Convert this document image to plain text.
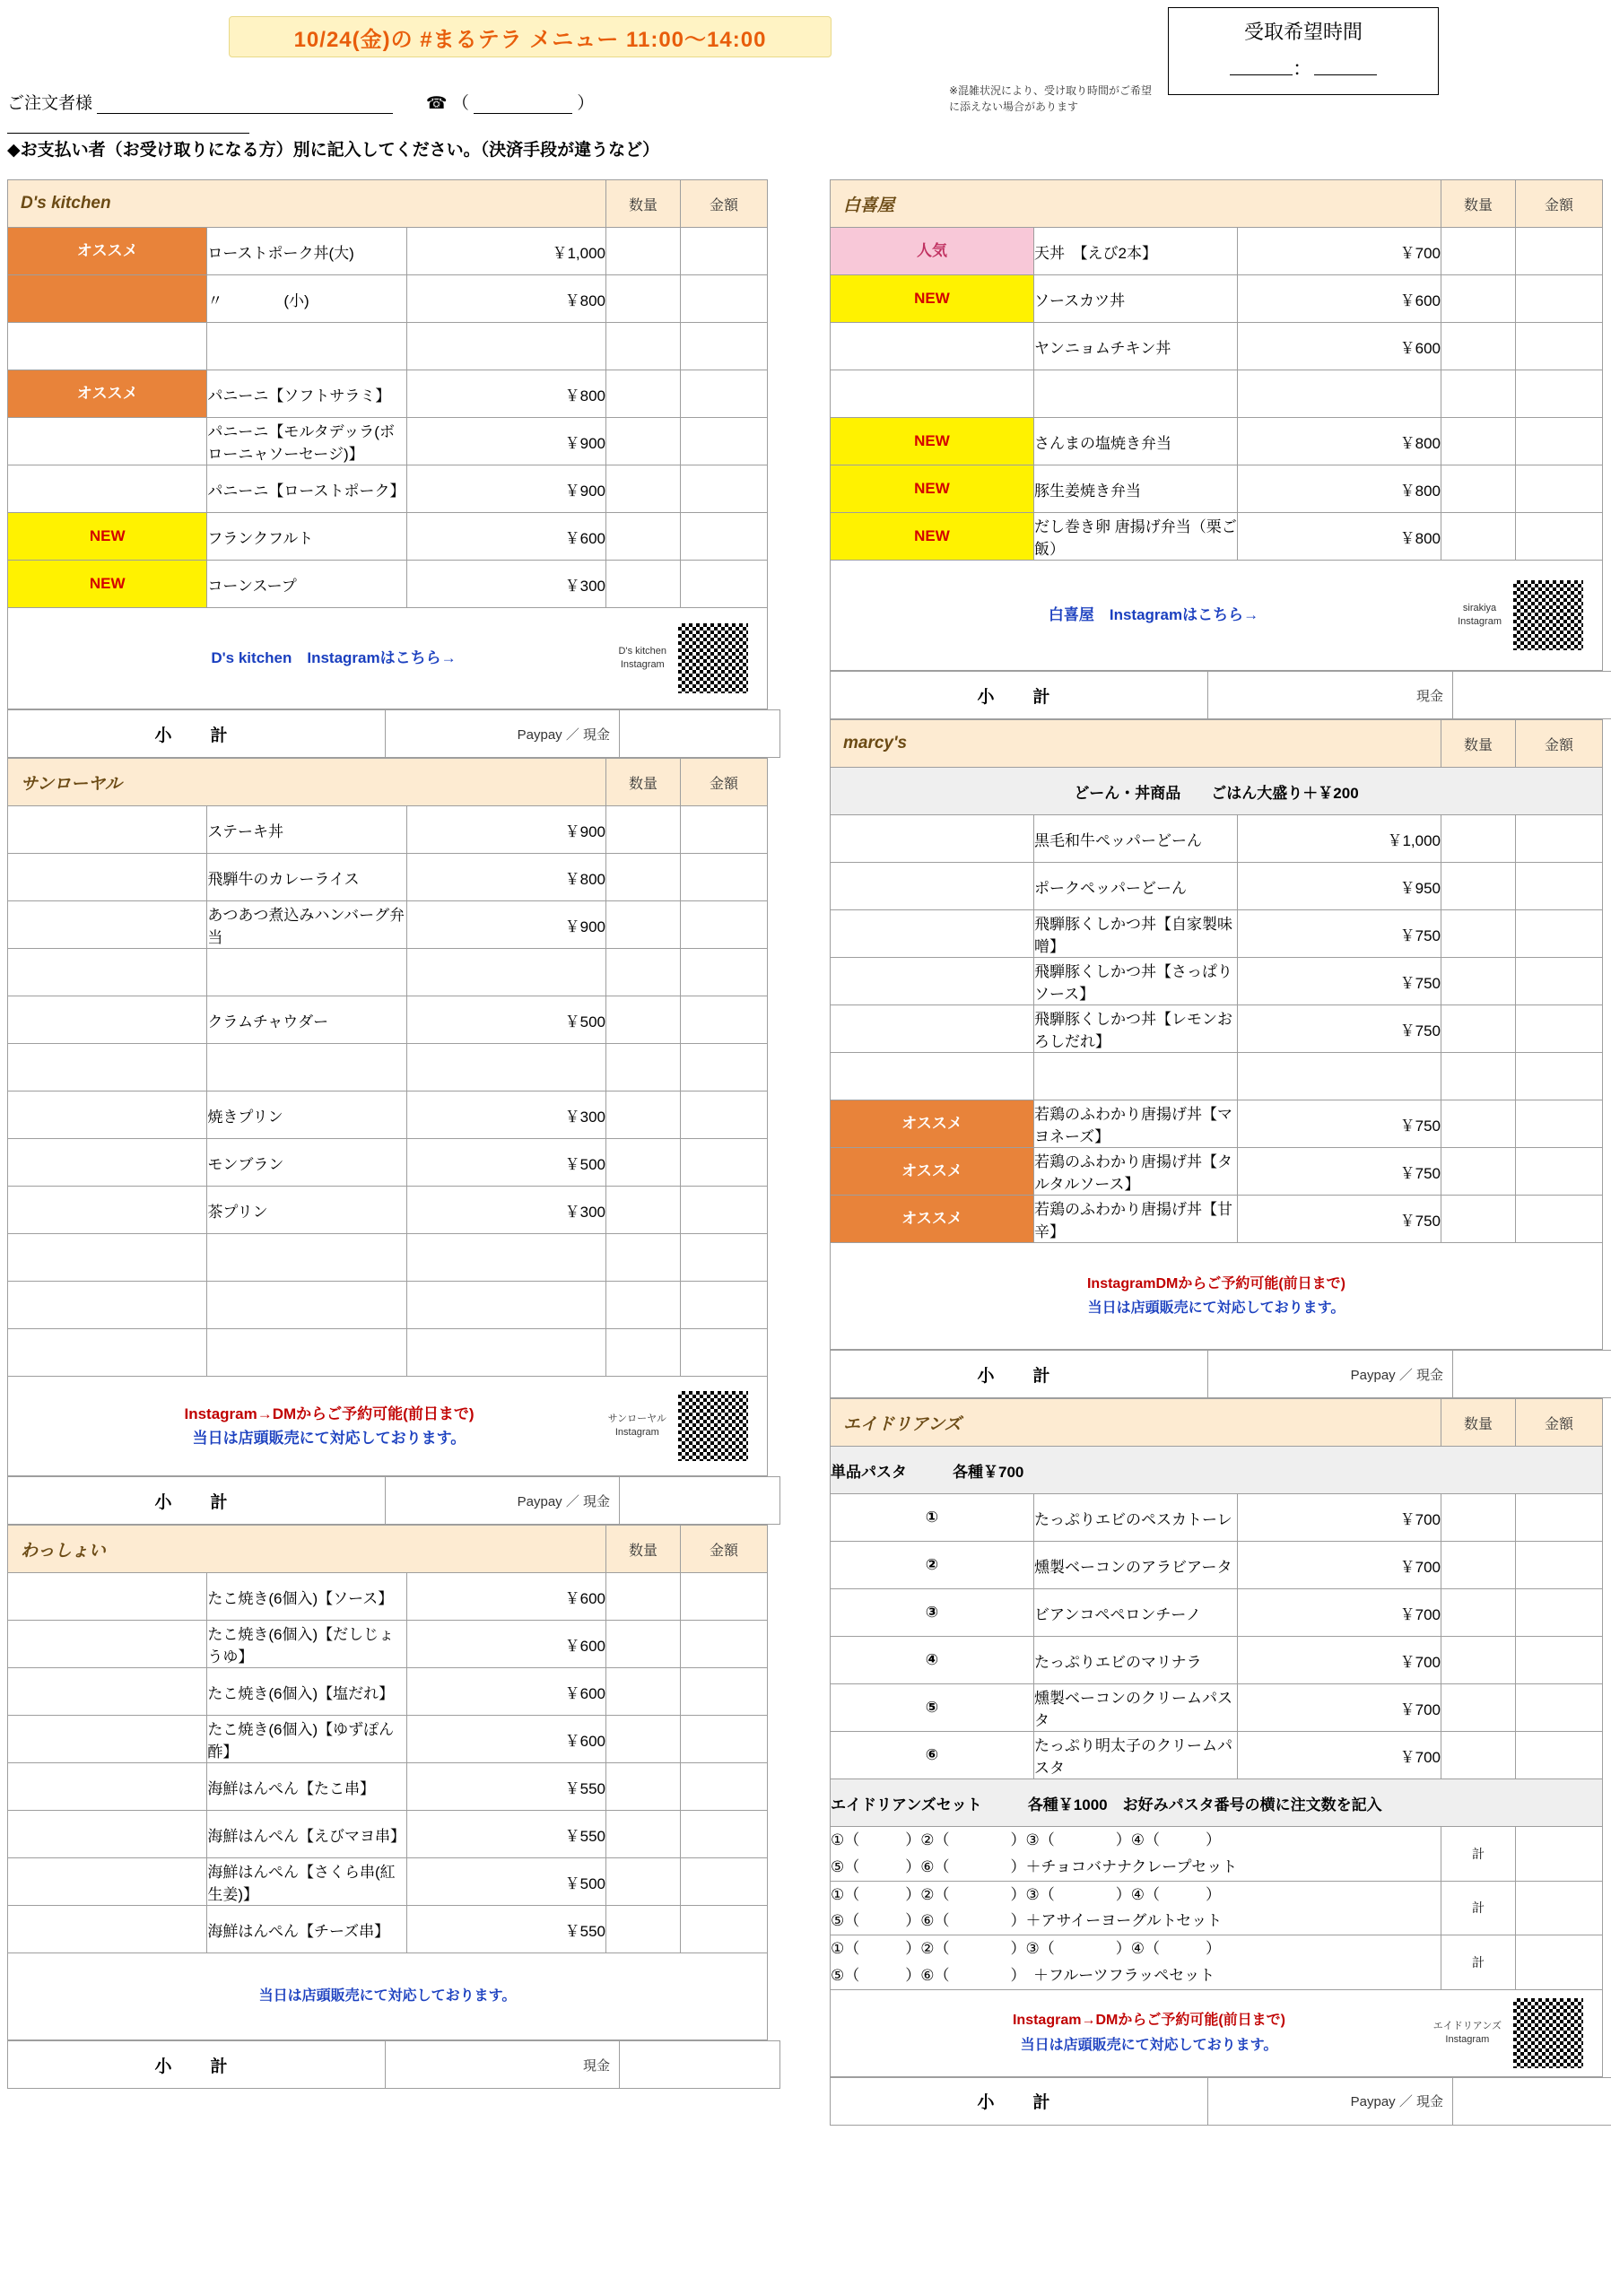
10/24(金)の #まるテラ メニュー 11:00～14:00
ご注文者様	☎ （	）
◆お支払い者（お受け取りになる方）別に記入してください。（決済手段が違うなど）
受取希望時間
：
※混雑状況により、受け取り時間がご希望に添えない場合があります
D's kitchen			数量	金額
オススメ	ローストポーク丼(大)	￥1,000		
	〃　　　　(小)	￥800		

オススメ	パニーニ【ソフトサラミ】	￥800		
	パニーニ【モルタデッラ(ボローニャソーセージ)】	￥900		
	パニーニ【ローストポーク】	￥900		
NEW	フランクフルト	￥600		
NEW	コーンスープ	￥300		
D's kitchen　Instagramはこちら→	D's kitchen
Instagram
小　計	Paypay ／ 現金	
サンローヤル			数量	金額
	ステーキ丼	￥900		
	飛騨牛のカレーライス	￥800		
	あつあつ煮込みハンバーグ弁当	￥900		

	クラムチャウダー	￥500		

	焼きプリン	￥300		
	モンブラン	￥500		
	茶プリン	￥300		

Instagram→DMからご予約可能(前日まで)
当日は店頭販売にて対応しております。
サンローヤル
Instagram
小　計	Paypay ／ 現金	
わっしょい			数量	金額
	たこ焼き(6個入)【ソース】	￥600		
	たこ焼き(6個入)【だしじょうゆ】	￥600		
	たこ焼き(6個入)【塩だれ】	￥600		
	たこ焼き(6個入)【ゆずぽん酢】	￥600		
	海鮮はんぺん【たこ串】	￥550		
	海鮮はんぺん【えびマヨ串】	￥550		
	海鮮はんぺん【さくら串(紅生姜)】	￥500		
	海鮮はんぺん【チーズ串】	￥550		
当日は店頭販売にて対応しております。
小　計	現金	
白喜屋			数量	金額
人気	天丼　【えび2本】	￥700		
NEW	ソースカツ丼	￥600		
	ヤンニョムチキン丼	￥600		

NEW	さんまの塩焼き弁当	￥800		
NEW	豚生姜焼き弁当	￥800		
NEW	だし巻き卵 唐揚げ弁当（栗ご飯）	￥800		
白喜屋　Instagramはこちら→	sirakiya
Instagram
小　計	現金	
marcy's			数量	金額
どーん・丼商品　　ごはん大盛り＋￥200				
	黒毛和牛ペッパーどーん	￥1,000		
	ポークペッパーどーん	￥950		
	飛騨豚くしかつ丼【自家製味噌】	￥750		
	飛騨豚くしかつ丼【さっぱりソース】	￥750		
	飛騨豚くしかつ丼【レモンおろしだれ】	￥750		

オススメ	若鶏のふわかり唐揚げ丼【マヨネーズ】	￥750		
オススメ	若鶏のふわかり唐揚げ丼【タルタルソース】	￥750		
オススメ	若鶏のふわかり唐揚げ丼【甘辛】	￥750		
InstagramDMからご予約可能(前日まで)
当日は店頭販売にて対応しております。
小　計	Paypay ／ 現金	
エイドリアンズ			数量	金額
単品パスタ　　　各種￥700				
①	たっぷりエビのペスカトーレ	￥700		
②	燻製ベーコンのアラビアータ	￥700		
③	ビアンコペペロンチーノ	￥700		
④	たっぷりエビのマリナラ	￥700		
⑤	燻製ベーコンのクリームパスタ	￥700		
⑥	たっぷり明太子のクリームパスタ	￥700		
エイドリアンズセット　　　各種￥1000　お好みパスタ番号の横に注文数を記入				
①（　　　）②（　　　　）③（　　　　）④（　　　）
⑤（　　　）⑥（　　　　）＋チョコバナナクレープセット			計	
①（　　　）②（　　　　）③（　　　　）④（　　　）
⑤（　　　）⑥（　　　　）＋アサイーヨーグルトセット			計	
①（　　　）②（　　　　）③（　　　　）④（　　　）
⑤（　　　）⑥（　　　　）　＋フルーツフラッペセット			計	
Instagram→DMからご予約可能(前日まで)
当日は店頭販売にて対応しております。
エイドリアンズ
Instagram
小　計	Paypay ／ 現金	
